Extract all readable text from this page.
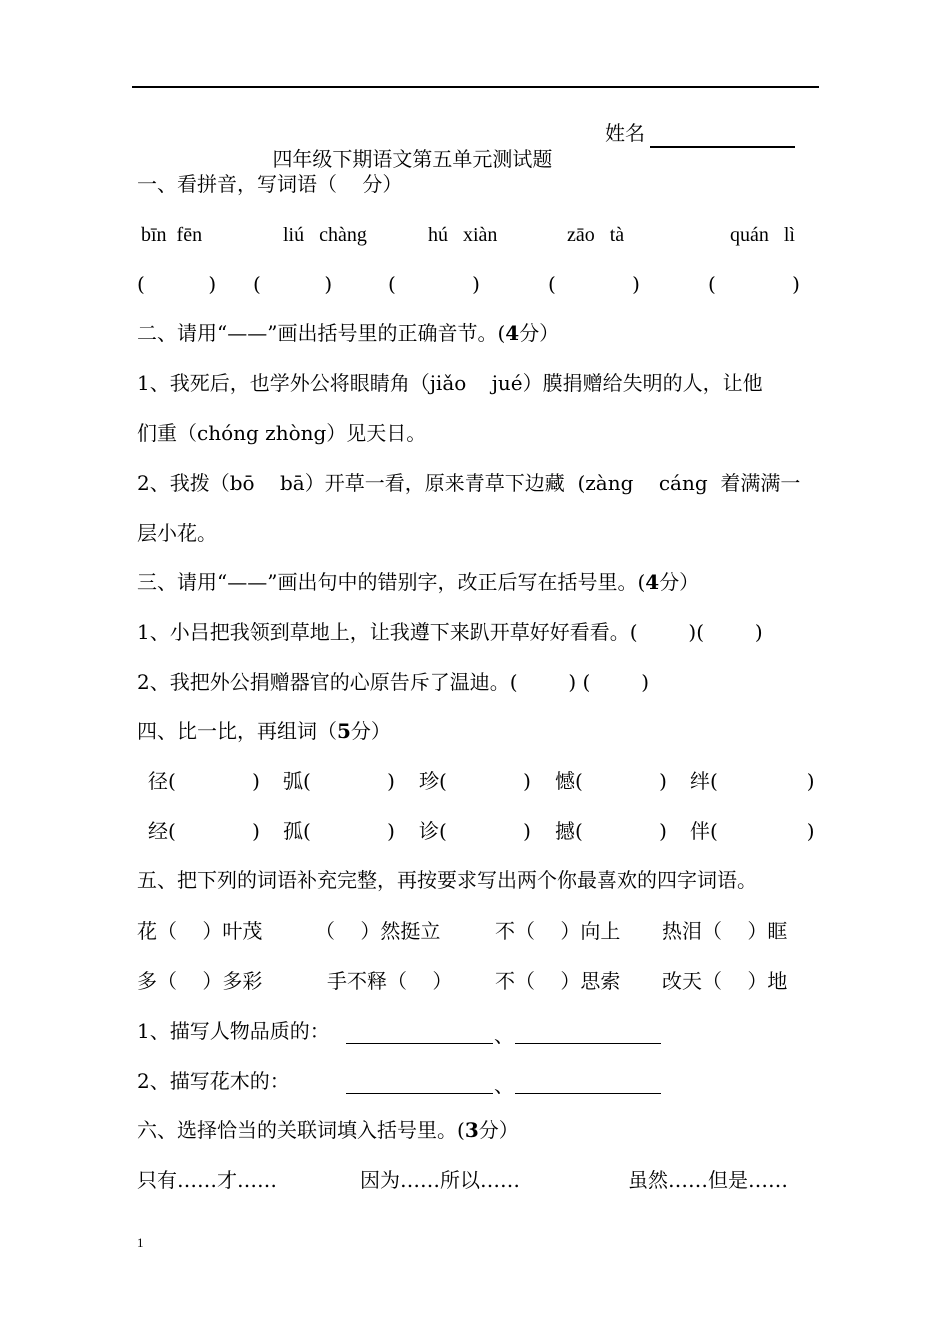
四年级下期语文第五单元测试题
姓名

一、看拼音，写词语（    分）
bīn  fēn	liú   chàng	hú   xiàn	zāo   tà	quán   lì
(          ) (          )	(            )	(            )	(            )
二、请用“——”画出括号里的正确音节。(4分）
1、我死后，也学外公将眼睛角（jiǎo    jué）膜捐赠给失明的人，让他
们重（chóng zhòng）见天日。
2、我拨（bō    bā）开草一看，原来青草下边藏  (zàng    cáng  着满满一
层小花。
三、请用“——”画出句中的错别字，改正后写在括号里。(4分）
1、小吕把我领到草地上，让我遵下来趴开草好好看看。(        )(        )
2、我把外公捐赠器官的心原告斥了温迪。(        ) (        )
四、比一比，再组词（5分）
径(            ) 弧(            ) 珍(            ) 憾(            ) 绊(              )
经(            ) 孤(            ) 诊(            ) 撼(            ) 伴(              )
五、把下列的词语补充完整，再按要求写出两个你最喜欢的四字词语。
花（    ）叶茂	（    ）然挺立	不（    ）向上 热泪（    ）眶
多（    ）多彩	手不释（    ） 不（    ）思索 改天（    ）地
1、描写人物品质的：	、
2、描写花木的：	、
六、选择恰当的关联词填入括号里。(3分）
只有……才……	因为……所以……	虽然……但是……
1
